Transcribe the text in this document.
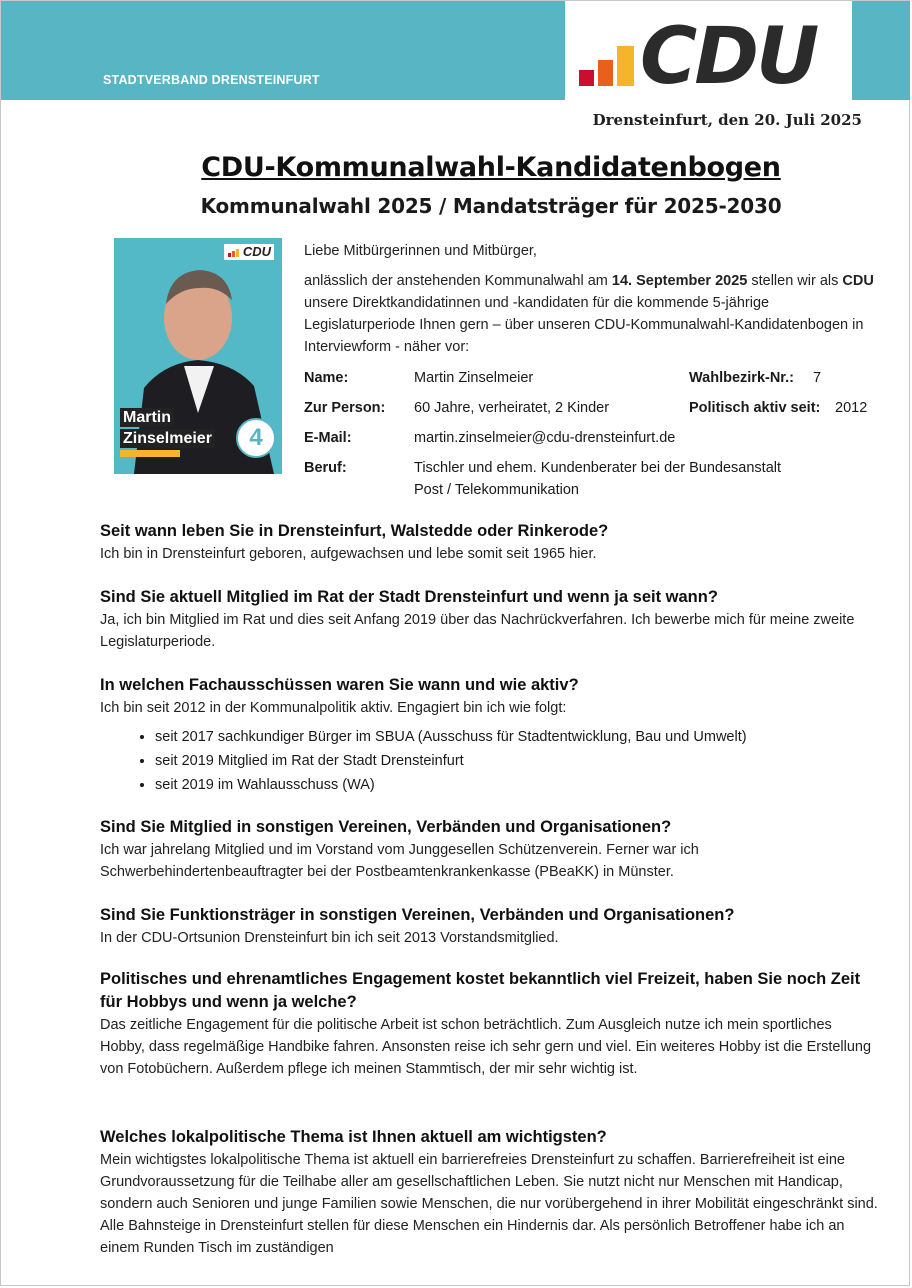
STADTVERBAND DRENSTEINFURT	CDU
Drensteinfurt, den 20. Juli 2025
CDU-Kommunalwahl-Kandidatenbogen
Kommunalwahl 2025 / Mandatsträger für 2025-2030
CDU
Martin
Zinselmeier	4
Liebe Mitbürgerinnen und Mitbürger,
anlässlich der anstehenden Kommunalwahl am 14. September 2025 stellen wir als CDU unsere Direktkandidatinnen und -kandidaten für die kommende 5-jährige Legislaturperiode Ihnen gern – über unseren CDU-Kommunalwahl-Kandidatenbogen in Interviewform - näher vor:
Name:	Martin Zinselmeier	Wahlbezirk-Nr.: 7
Zur Person: 60 Jahre, verheiratet, 2 Kinder	Politisch aktiv seit: 2012
E-Mail:	martin.zinselmeier@cdu-drensteinfurt.de
Beruf:	Tischler und ehem. Kundenberater bei der Bundesanstalt
Post / Telekommunikation

Seit wann leben Sie in Drensteinfurt, Walstedde oder Rinkerode?

Ich bin in Drensteinfurt geboren, aufgewachsen und lebe somit seit 1965 hier.

Sind Sie aktuell Mitglied im Rat der Stadt Drensteinfurt und wenn ja seit wann?

Ja, ich bin Mitglied im Rat und dies seit Anfang 2019 über das Nachrückverfahren. Ich bewerbe mich für meine zweite Legislaturperiode.

In welchen Fachausschüssen waren Sie wann und wie aktiv?

Ich bin seit 2012 in der Kommunalpolitik aktiv. Engagiert bin ich wie folgt:

• seit 2017 sachkundiger Bürger im SBUA (Ausschuss für Stadtentwicklung, Bau und Umwelt)
• seit 2019 Mitglied im Rat der Stadt Drensteinfurt
• seit 2019 im Wahlausschuss (WA)

Sind Sie Mitglied in sonstigen Vereinen, Verbänden und Organisationen?

Ich war jahrelang Mitglied und im Vorstand vom Junggesellen Schützenverein. Ferner war ich Schwerbehindertenbeauftragter bei der Postbeamtenkrankenkasse (PBeaKK) in Münster.

Sind Sie Funktionsträger in sonstigen Vereinen, Verbänden und Organisationen?

In der CDU-Ortsunion Drensteinfurt bin ich seit 2013 Vorstandsmitglied.

Politisches und ehrenamtliches Engagement kostet bekanntlich viel Freizeit, haben Sie noch Zeit für Hobbys und wenn ja welche?

Das zeitliche Engagement für die politische Arbeit ist schon beträchtlich. Zum Ausgleich nutze ich mein sportliches Hobby, dass regelmäßige Handbike fahren. Ansonsten reise ich sehr gern und viel. Ein weiteres Hobby ist die Erstellung von Fotobüchern. Außerdem pflege ich meinen Stammtisch, der mir sehr wichtig ist.

Welches lokalpolitische Thema ist Ihnen aktuell am wichtigsten?

Mein wichtigstes lokalpolitische Thema ist aktuell ein barrierefreies Drensteinfurt zu schaffen. Barrierefreiheit ist eine Grundvoraussetzung für die Teilhabe aller am gesellschaftlichen Leben. Sie nutzt nicht nur Menschen mit Handicap, sondern auch Senioren und junge Familien sowie Menschen, die nur vorübergehend in ihrer Mobilität eingeschränkt sind. Alle Bahnsteige in Drensteinfurt stellen für diese Menschen ein Hindernis dar. Als persönlich Betroffener habe ich an einem Runden Tisch im zuständigen
